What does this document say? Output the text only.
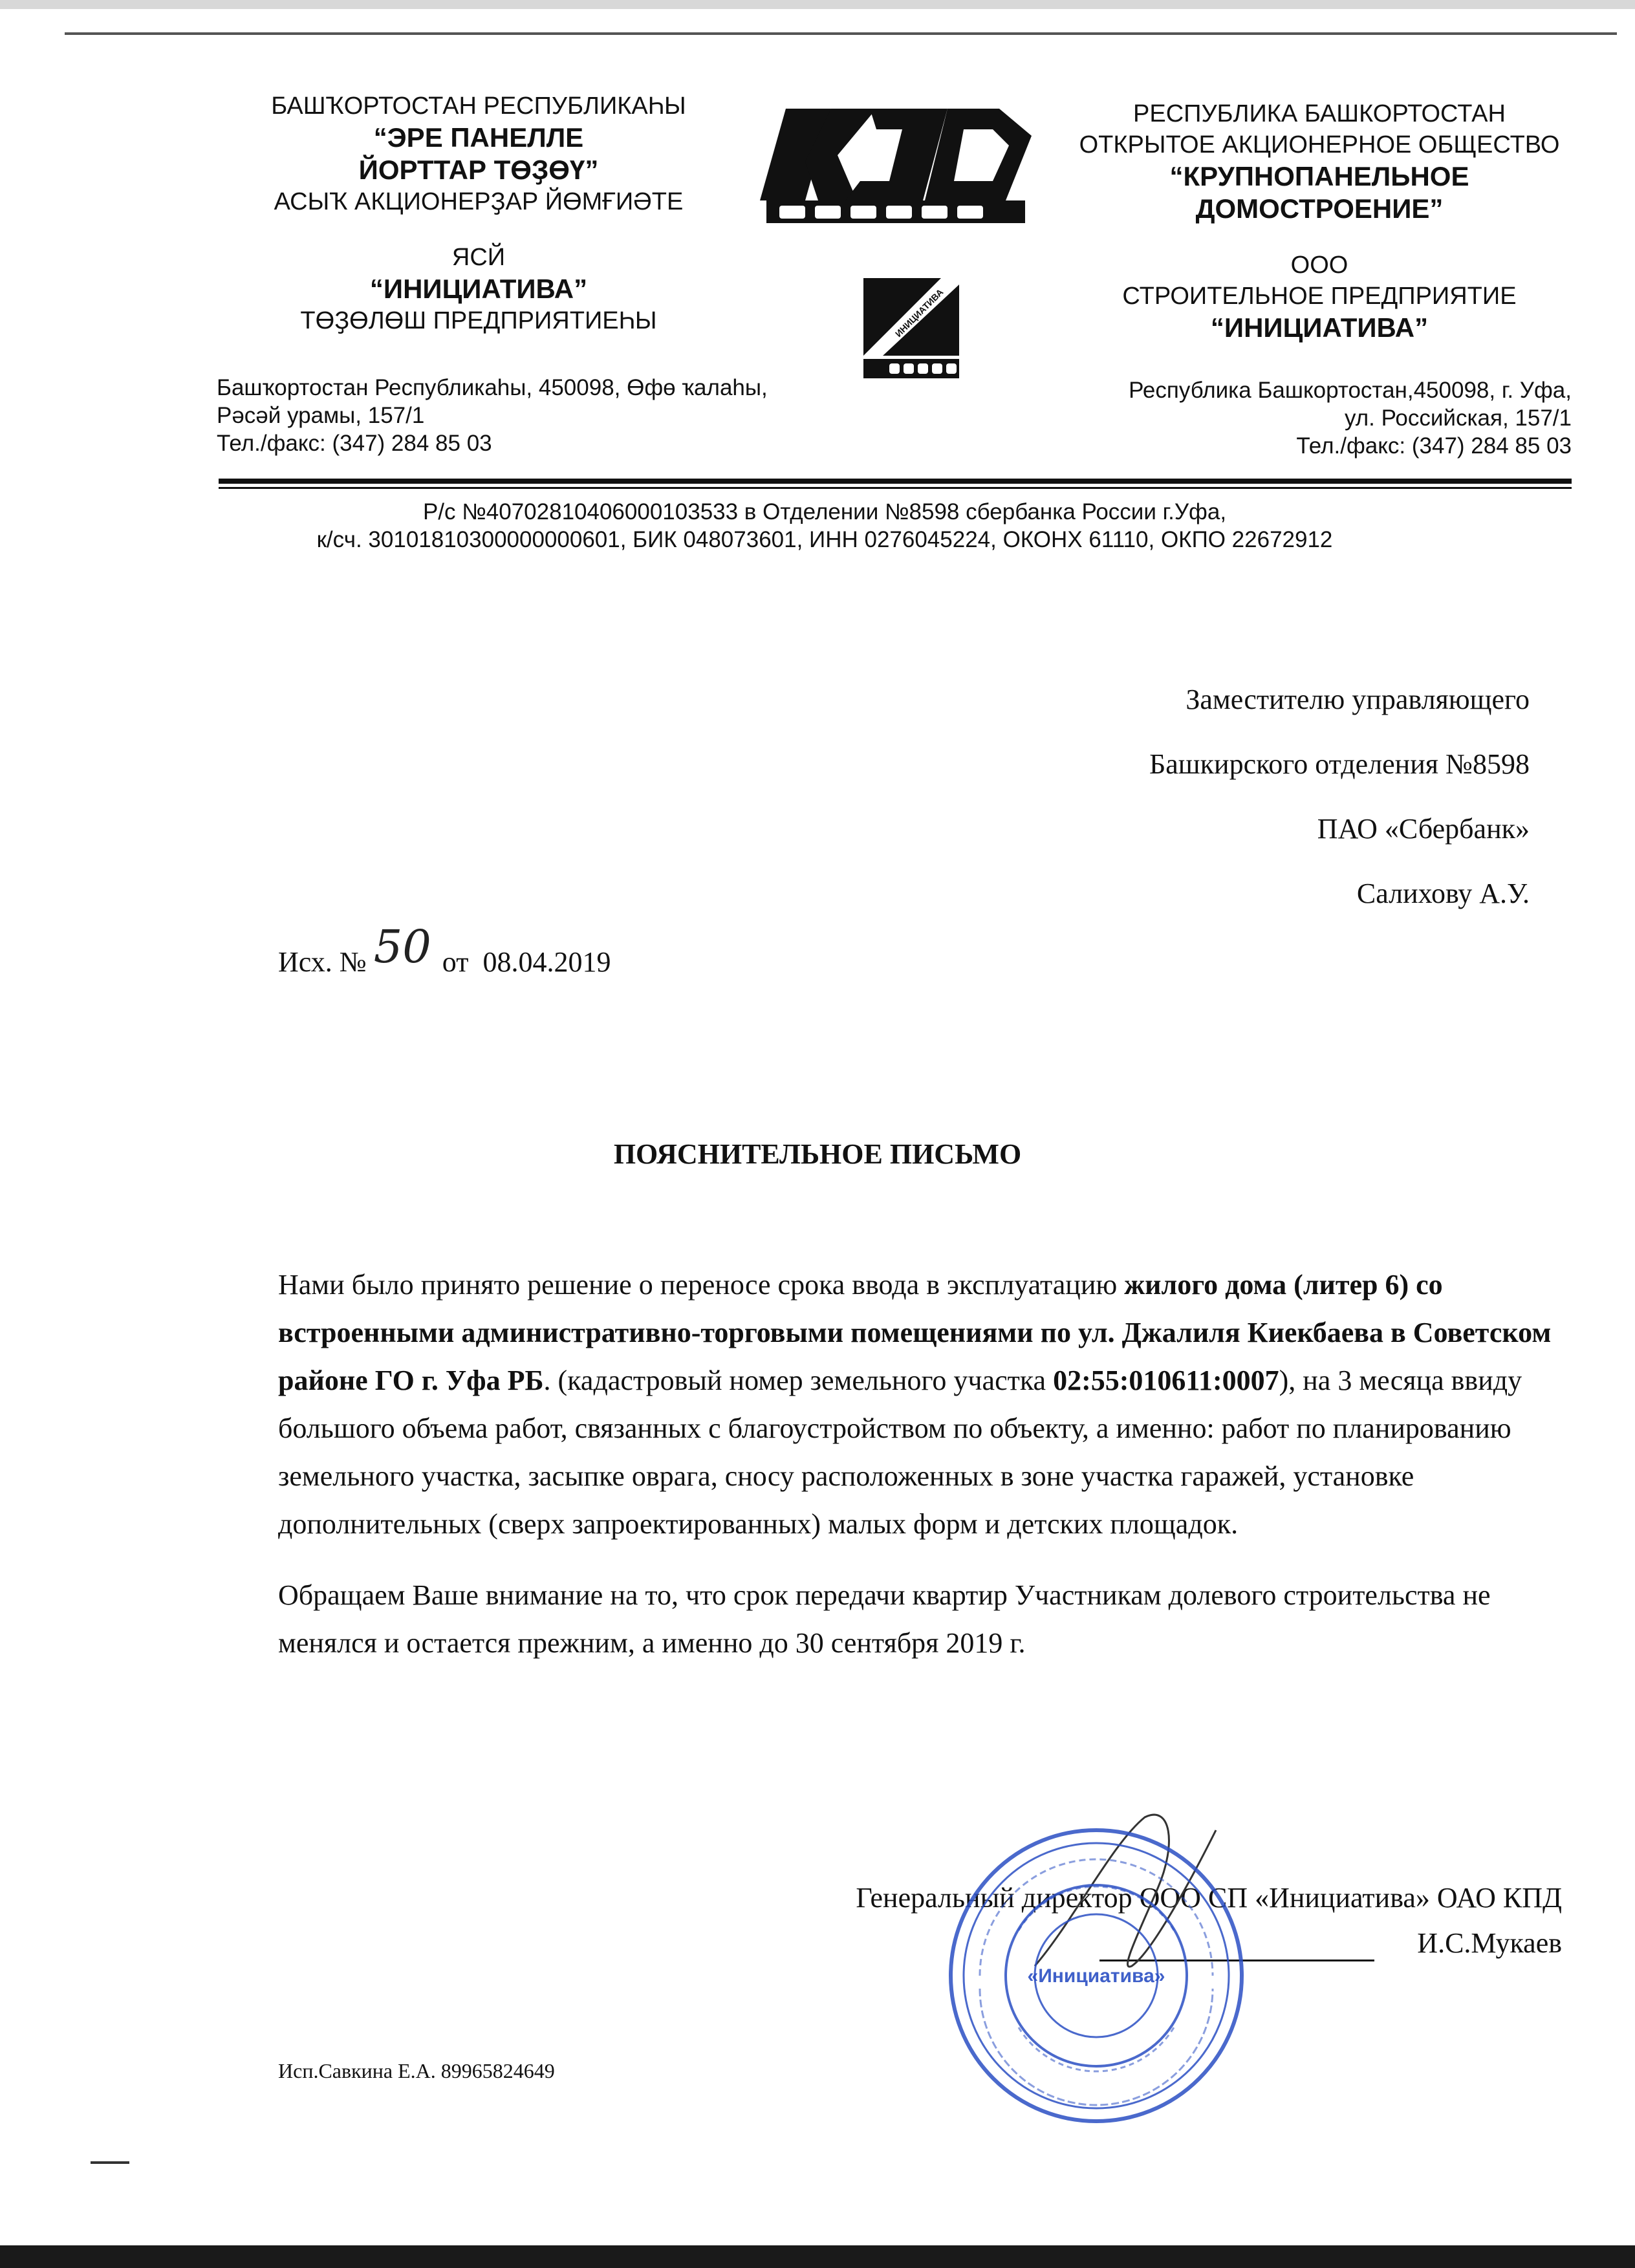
БАШҠОРТОСТАН РЕСПУБЛИКАҺЫ
“ЭРЕ ПАНЕЛЛЕ
ЙОРТТАР ТӨҘӨҮ”
АСЫҠ АКЦИОНЕРҘАР ЙӨМҒИӘТЕ
ЯСЙ
“ИНИЦИАТИВА”
ТӨҘӨЛӨШ ПРЕДПРИЯТИЕҺЫ
Башҡортостан Республикаһы, 450098, Өфө ҡалаһы,
Рәсәй урамы, 157/1
Тел./факс: (347) 284 85 03
РЕСПУБЛИКА БАШКОРТОСТАН
ОТКРЫТОЕ АКЦИОНЕРНОЕ ОБЩЕСТВО
“КРУПНОПАНЕЛЬНОЕ
ДОМОСТРОЕНИЕ”
ООО
СТРОИТЕЛЬНОЕ ПРЕДПРИЯТИЕ
“ИНИЦИАТИВА”
Республика Башкортостан,450098, г. Уфа,
ул. Российская, 157/1
Тел./факс: (347) 284 85 03
ИНИЦИАТИВА
Р/с №40702810406000103533 в Отделении №8598 сбербанка России г.Уфа,
к/сч. 30101810300000000601, БИК 048073601, ИНН 0276045224, ОКОНХ 61110, ОКПО 22672912
Заместителю управляющего
Башкирского отделения №8598
ПАО «Сбербанк»
Салихову А.У.
Исх. № 50 от 08.04.2019
ПОЯСНИТЕЛЬНОЕ ПИСЬМО

Нами было принято решение о переносе срока ввода в эксплуатацию жилого дома (литер 6) со встроенными административно-торговыми помещениями по ул. Джалиля Киекбаева в Советском районе ГО г. Уфа РБ. (кадастровый номер земельного участка 02:55:010611:0007), на 3 месяца ввиду большого объема работ, связанных с благоустройством по объекту, а именно: работ по планированию земельного участка, засыпке оврага, сносу расположенных в зоне участка гаражей, установке дополнительных (сверх запроектированных) малых форм и детских площадок.

Обращаем Ваше внимание на то, что срок передачи квартир Участникам долевого строительства не менялся и остается прежним, а именно до 30 сентября 2019 г.

Генеральный директор ООО СП «Инициатива» ОАО КПД
И.С.Мукаев
«Инициатива»
Исп.Савкина Е.А. 89965824649
